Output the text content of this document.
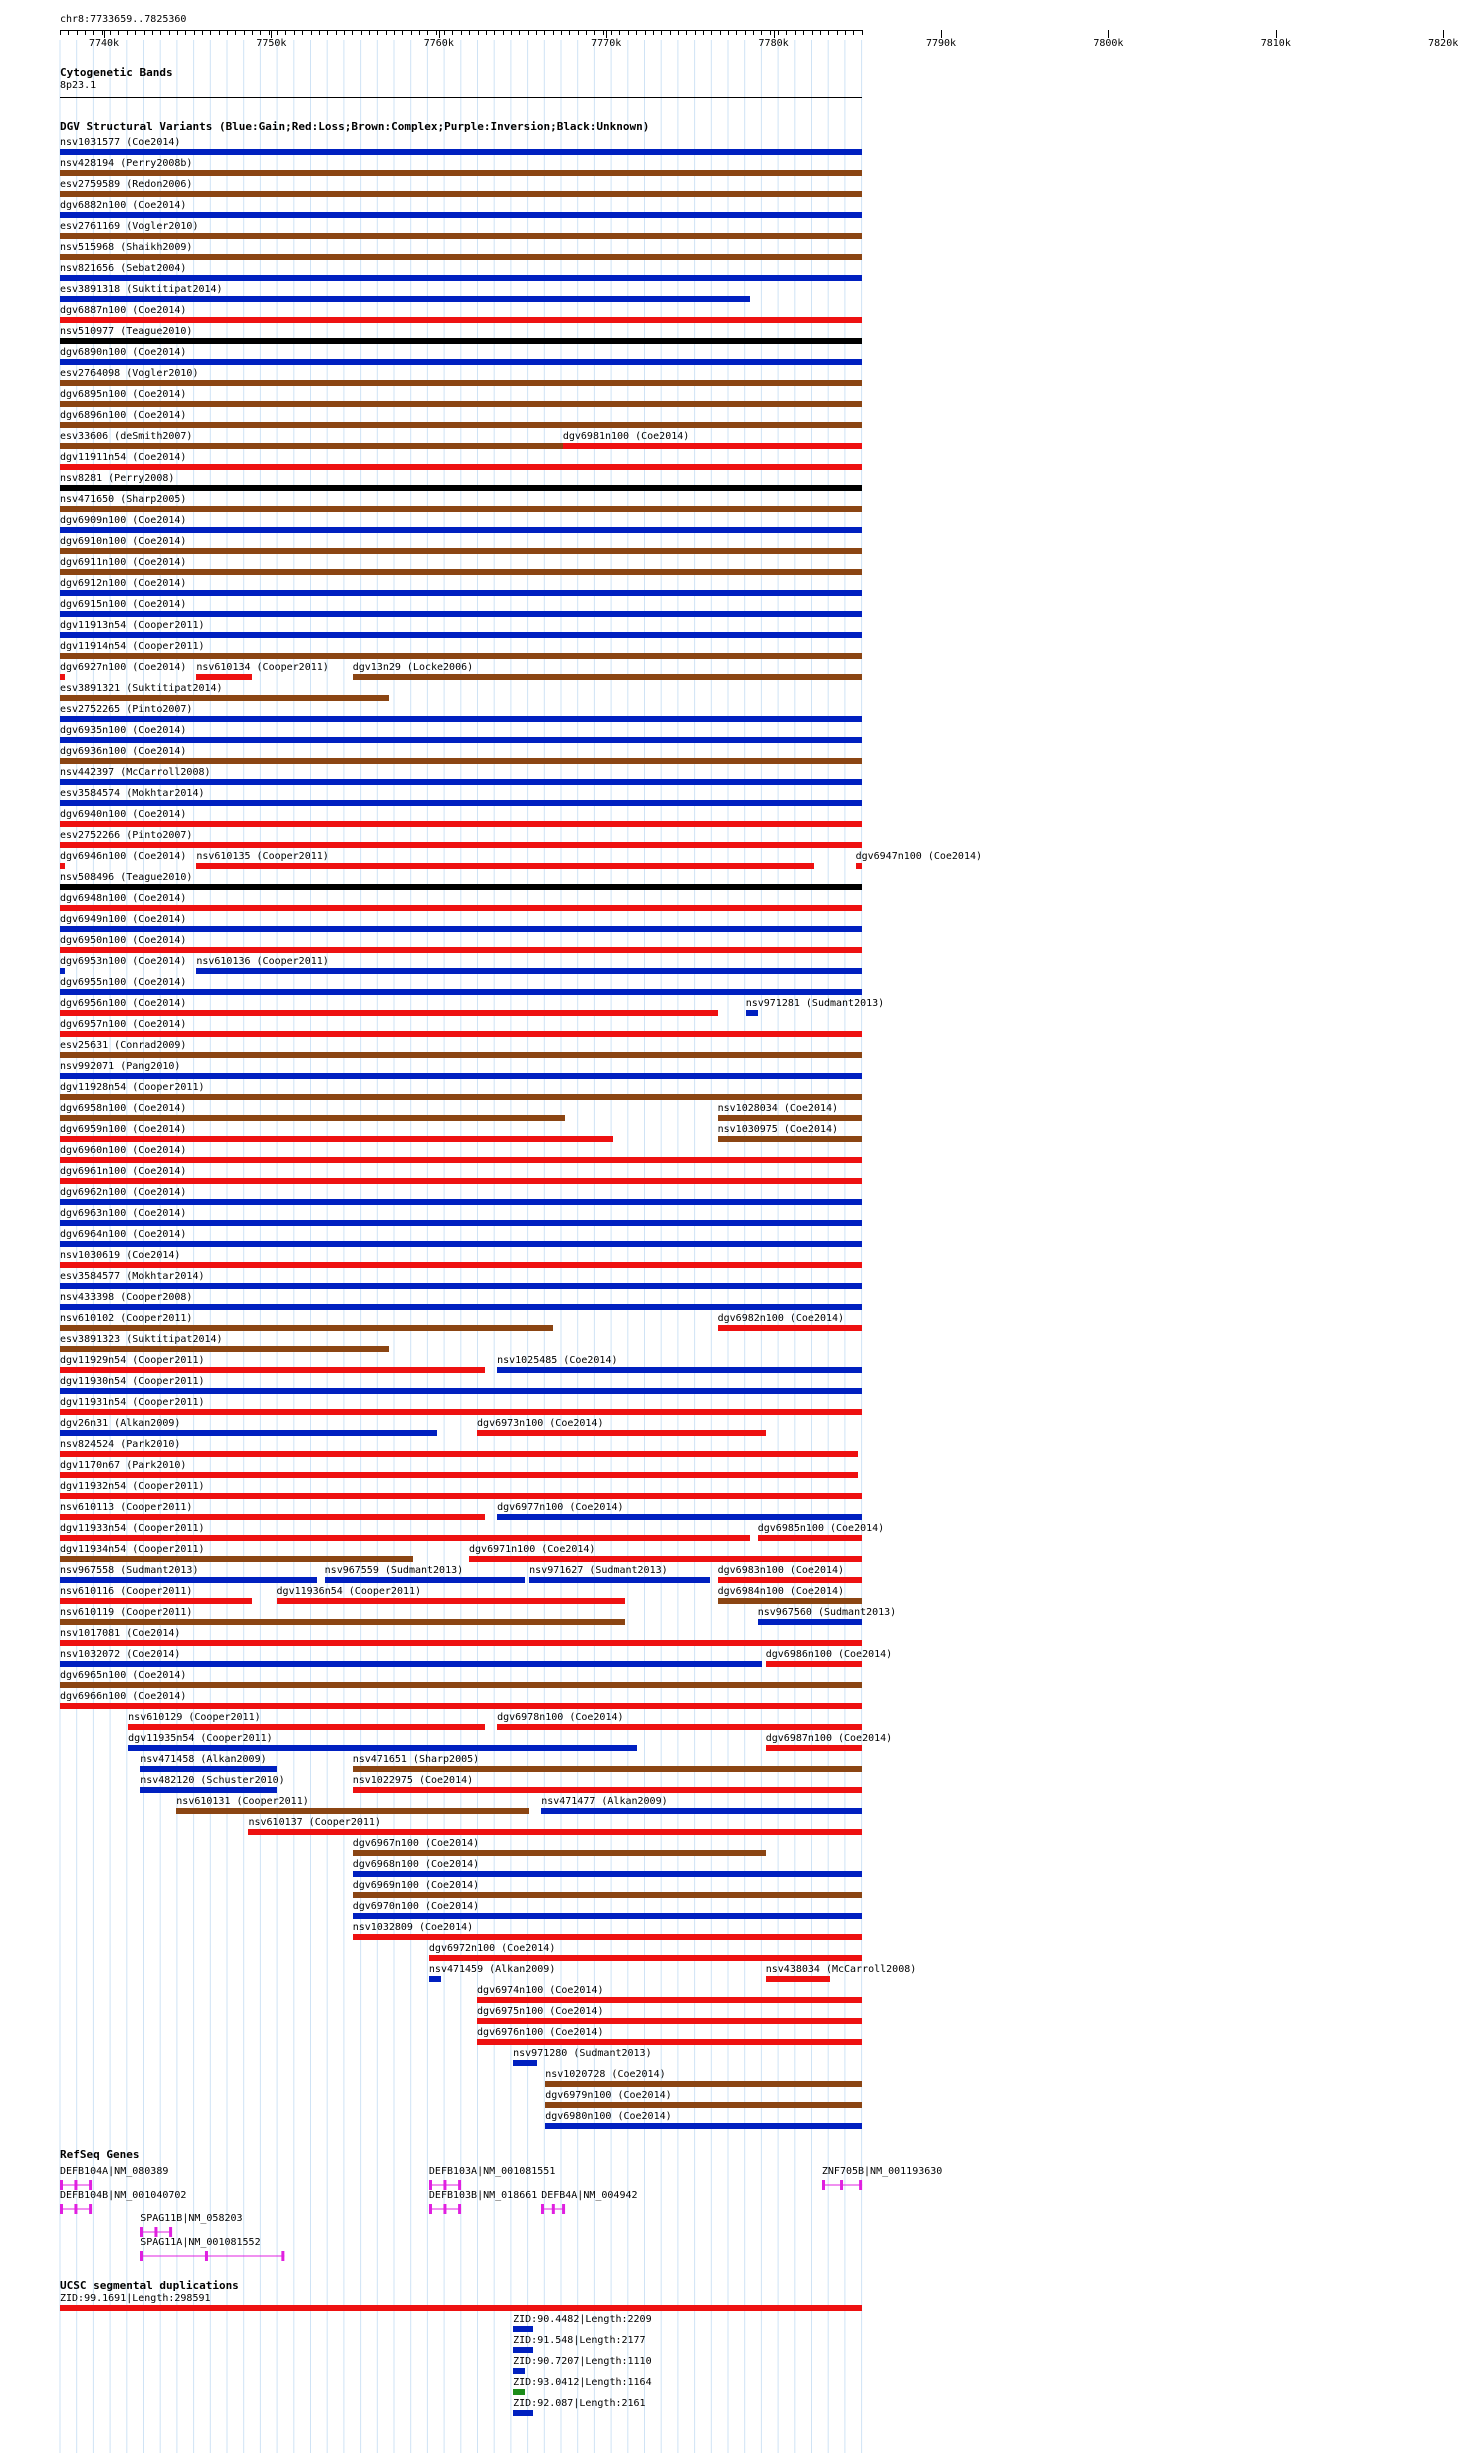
chr8:7733659..7825360
Cytogenetic Bands
8p23.1
DGV Structural Variants (Blue:Gain;Red:Loss;Brown:Complex;Purple:Inversion;Black:Unknown)
nsv1031577 (Coe2014)
nsv428194 (Perry2008b)
esv2759589 (Redon2006)
dgv6882n100 (Coe2014)
esv2761169 (Vogler2010)
nsv515968 (Shaikh2009)
nsv821656 (Sebat2004)
esv3891318 (Suktitipat2014)
dgv6887n100 (Coe2014)
nsv510977 (Teague2010)
dgv6890n100 (Coe2014)
esv2764098 (Vogler2010)
dgv6895n100 (Coe2014)
dgv6896n100 (Coe2014)
esv33606 (deSmith2007)	dgv6981n100 (Coe2014)
dgv11911n54 (Coe2014)
nsv8281 (Perry2008)
nsv471650 (Sharp2005)
dgv6909n100 (Coe2014)
dgv6910n100 (Coe2014)
dgv6911n100 (Coe2014)
dgv6912n100 (Coe2014)
dgv6915n100 (Coe2014)
dgv11913n54 (Cooper2011)
dgv11914n54 (Cooper2011)
dgv6927n100 (Coe2014) nsv610134 (Cooper2011) dgv13n29 (Locke2006)
esv3891321 (Suktitipat2014)
esv2752265 (Pinto2007)
dgv6935n100 (Coe2014)
dgv6936n100 (Coe2014)
nsv442397 (McCarroll2008)
esv3584574 (Mokhtar2014)
dgv6940n100 (Coe2014)
esv2752266 (Pinto2007)
dgv6946n100 (Coe2014) nsv610135 (Cooper2011)	dgv6947n100 (Coe2014)
nsv508496 (Teague2010)
dgv6948n100 (Coe2014)
dgv6949n100 (Coe2014)
dgv6950n100 (Coe2014)
dgv6953n100 (Coe2014) nsv610136 (Cooper2011)
dgv6955n100 (Coe2014)
dgv6956n100 (Coe2014)	nsv971281 (Sudmant2013)
dgv6957n100 (Coe2014)
esv25631 (Conrad2009)
nsv992071 (Pang2010)
dgv11928n54 (Cooper2011)
dgv6958n100 (Coe2014)	nsv1028034 (Coe2014)
dgv6959n100 (Coe2014)	nsv1030975 (Coe2014)
dgv6960n100 (Coe2014)
dgv6961n100 (Coe2014)
dgv6962n100 (Coe2014)
dgv6963n100 (Coe2014)
dgv6964n100 (Coe2014)
nsv1030619 (Coe2014)
esv3584577 (Mokhtar2014)
nsv433398 (Cooper2008)
nsv610102 (Cooper2011)	dgv6982n100 (Coe2014)
esv3891323 (Suktitipat2014)
dgv11929n54 (Cooper2011)	nsv1025485 (Coe2014)
dgv11930n54 (Cooper2011)
dgv11931n54 (Cooper2011)
dgv26n31 (Alkan2009)	dgv6973n100 (Coe2014)
nsv824524 (Park2010)
dgv1170n67 (Park2010)
dgv11932n54 (Cooper2011)
nsv610113 (Cooper2011)	dgv6977n100 (Coe2014)
dgv11933n54 (Cooper2011)	dgv6985n100 (Coe2014)
dgv11934n54 (Cooper2011)	dgv6971n100 (Coe2014)
nsv967558 (Sudmant2013)	nsv967559 (Sudmant2013)	nsv971627 (Sudmant2013)	dgv6983n100 (Coe2014)
nsv610116 (Cooper2011)	dgv11936n54 (Cooper2011)	dgv6984n100 (Coe2014)
nsv610119 (Cooper2011)	nsv967560 (Sudmant2013)
nsv1017081 (Coe2014)
nsv1032072 (Coe2014)	dgv6986n100 (Coe2014)
dgv6965n100 (Coe2014)
dgv6966n100 (Coe2014)
nsv610129 (Cooper2011)	dgv6978n100 (Coe2014)
dgv11935n54 (Cooper2011)	dgv6987n100 (Coe2014)
nsv471458 (Alkan2009)	nsv471651 (Sharp2005)
nsv482120 (Schuster2010)	nsv1022975 (Coe2014)
nsv610131 (Cooper2011)	nsv471477 (Alkan2009)
nsv610137 (Cooper2011)
dgv6967n100 (Coe2014)
dgv6968n100 (Coe2014)
dgv6969n100 (Coe2014)
dgv6970n100 (Coe2014)
nsv1032809 (Coe2014)
dgv6972n100 (Coe2014)
nsv471459 (Alkan2009)	nsv438034 (McCarroll2008)
dgv6974n100 (Coe2014)
dgv6975n100 (Coe2014)
dgv6976n100 (Coe2014)
nsv971280 (Sudmant2013)
nsv1020728 (Coe2014)
dgv6979n100 (Coe2014)
dgv6980n100 (Coe2014)
RefSeq Genes
DEFB104A|NM_080389	DEFB103A|NM_001081551	ZNF705B|NM_001193630
DEFB104B|NM_001040702	DEFB103B|NM_018661 DEFB4A|NM_004942
SPAG11B|NM_058203
SPAG11A|NM_001081552
UCSC segmental duplications
ZID:99.1691|Length:298591
ZID:90.4482|Length:2209
ZID:91.548|Length:2177
ZID:90.7207|Length:1110
ZID:93.0412|Length:1164
ZID:92.087|Length:2161
7740k	7750k	7760k	7770k	7780k	7790k	7800k	7810k	7820k
